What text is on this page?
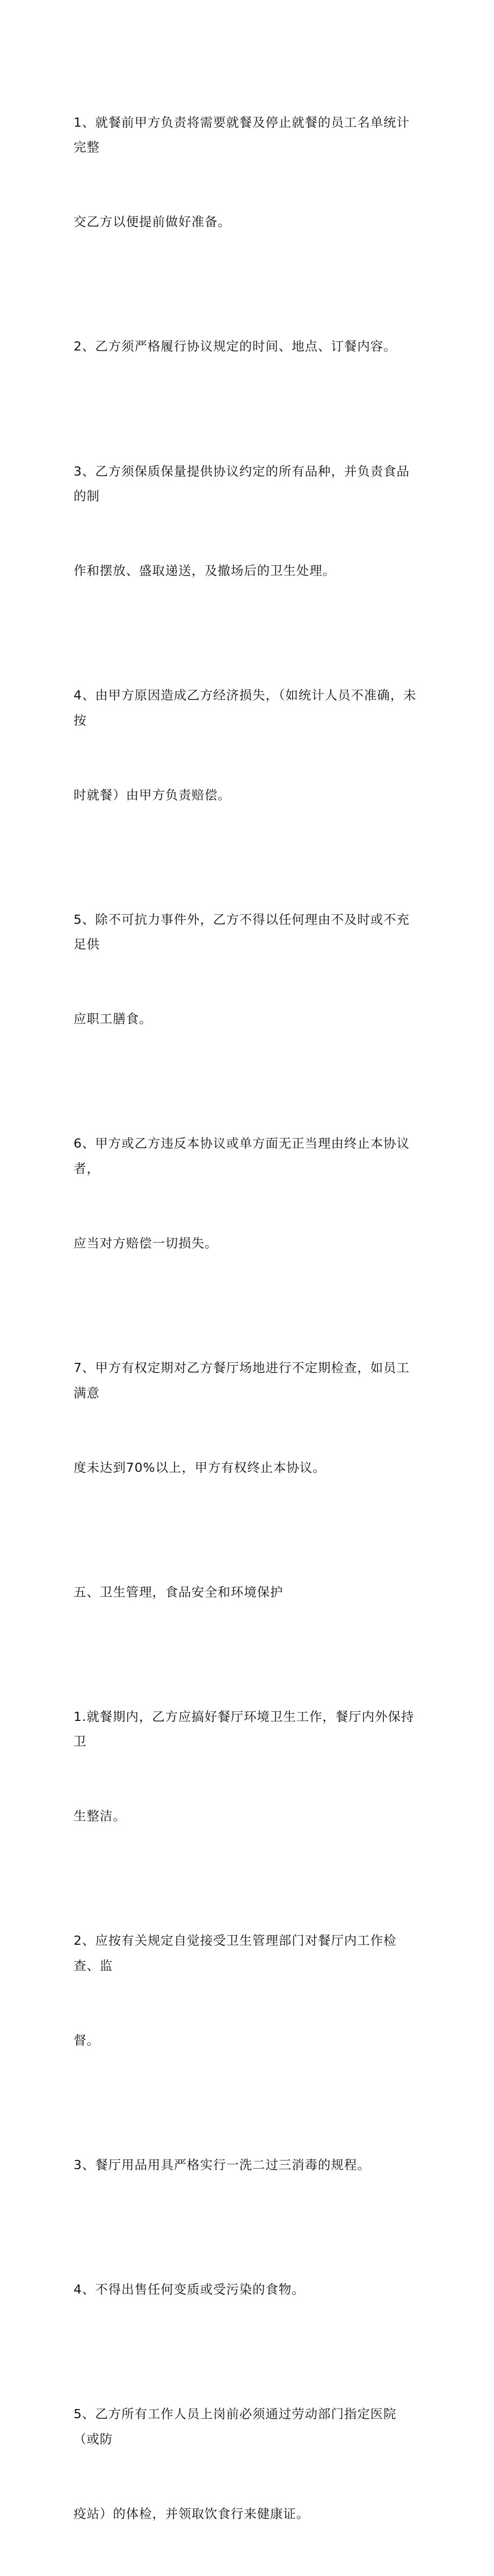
1、就餐前甲方负责将需要就餐及停止就餐的员工名单统计完整

交乙方以便提前做好准备。

2、乙方须严格履行协议规定的时间、地点、订餐内容。

3、乙方须保质保量提供协议约定的所有品种，并负责食品的制

作和摆放、盛取递送，及撤场后的卫生处理。

4、由甲方原因造成乙方经济损失，（如统计人员不准确，未按

时就餐）由甲方负责赔偿。

5、除不可抗力事件外，乙方不得以任何理由不及时或不充足供

应职工膳食。

6、甲方或乙方违反本协议或单方面无正当理由终止本协议者，

应当对方赔偿一切损失。

7、甲方有权定期对乙方餐厅场地进行不定期检查，如员工满意

度未达到70%以上，甲方有权终止本协议。

五、卫生管理，食品安全和环境保护

1.就餐期内，乙方应搞好餐厅环境卫生工作，餐厅内外保持卫

生整洁。

2、应按有关规定自觉接受卫生管理部门对餐厅内工作检查、监

督。

3、餐厅用品用具严格实行一洗二过三消毒的规程。

4、不得出售任何变质或受污染的食物。

5、乙方所有工作人员上岗前必须通过劳动部门指定医院（或防

疫站）的体检，并领取饮食行来健康证。
